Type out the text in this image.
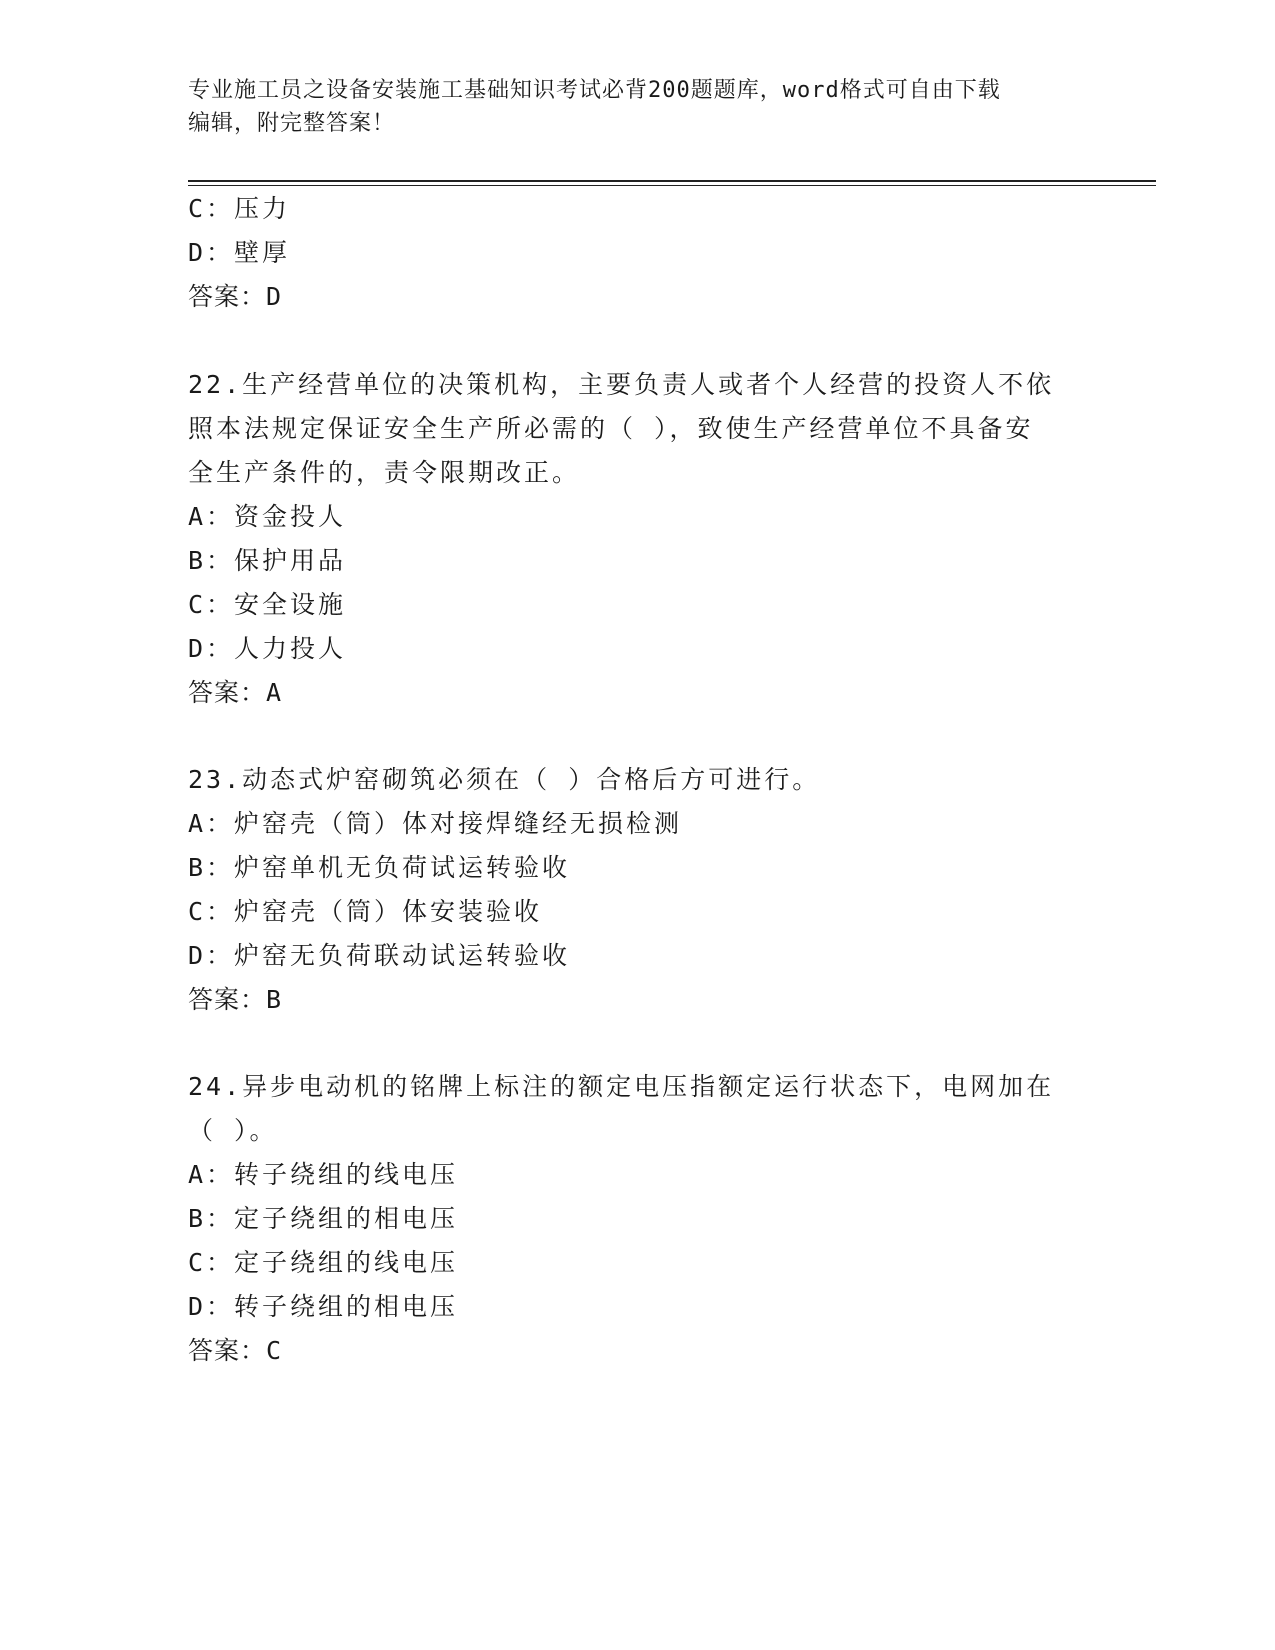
专业施工员之设备安装施工基础知识考试必背200题题库，word格式可自由下载
编辑，附完整答案！
C：压力
D：壁厚
答案：D
22.生产经营单位的决策机构，主要负责人或者个人经营的投资人不依
照本法规定保证安全生产所必需的（ ），致使生产经营单位不具备安
全生产条件的，责令限期改正。
A：资金投人
B：保护用品
C：安全设施
D：人力投人
答案：A
23.动态式炉窑砌筑必须在（ ）合格后方可进行。
A：炉窑壳（筒）体对接焊缝经无损检测
B：炉窑单机无负荷试运转验收
C：炉窑壳（筒）体安装验收
D：炉窑无负荷联动试运转验收
答案：B
24.异步电动机的铭牌上标注的额定电压指额定运行状态下，电网加在
（ ）。
A：转子绕组的线电压
B：定子绕组的相电压
C：定子绕组的线电压
D：转子绕组的相电压
答案：C
